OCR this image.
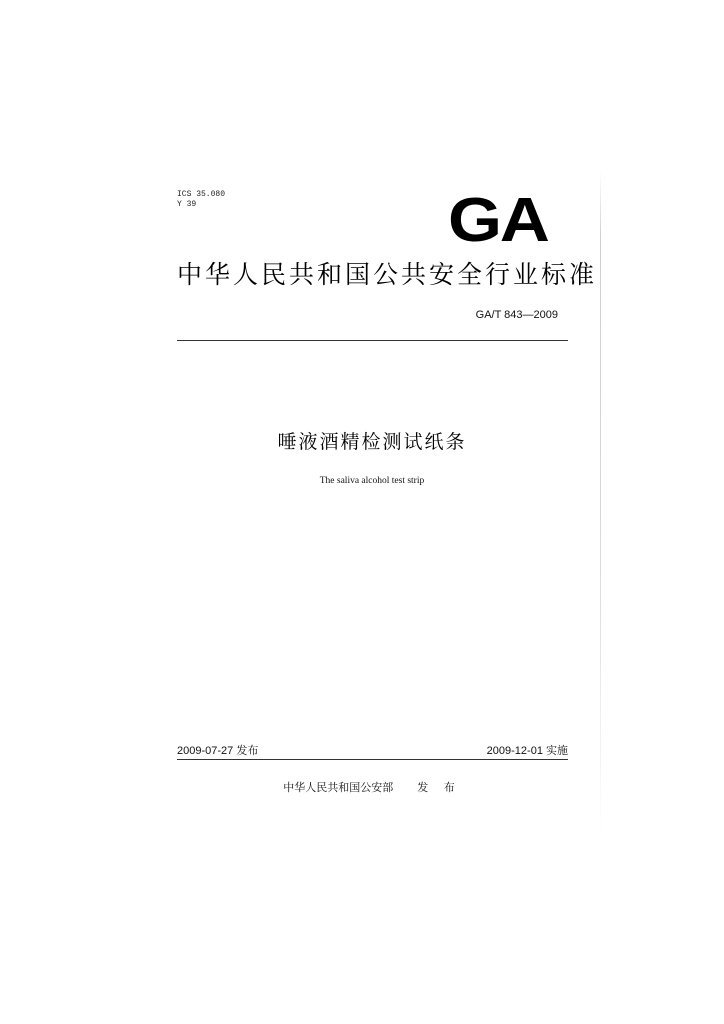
ICS 35.080
Y 39	GA
中华人民共和国公共安全行业标准
GA/T 843—2009
唾液酒精检测试纸条
The saliva alcohol test strip
2009-07-27 发布	2009-12-01 实施
中华人民共和国公安部 发 布
